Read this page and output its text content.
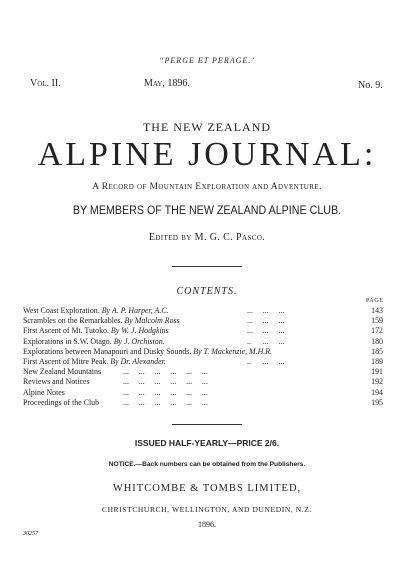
“PERGE ET PERAGE.’
Vol. II.	May, 1896.	No. 9.
THE NEW ZEALAND
ALPINE JOURNAL:
A Record of Mountain Exploration and Adventure.
BY MEMBERS OF THE NEW ZEALAND ALPINE CLUB.
Edited by M. G. C. Pasco.
CONTENTS.
PAGE
West Coast Exploration. By A. P. Harper, A.C.	...     ...     ...	143
Scrambles on the Remarkables. By Malcolm Ross	...     ...     ...	159
First Ascent of Mt. Tutoko. By W. J. Hodgkins	...     ...     ...	172
Explorations in S.W. Otago. By J. Orchiston.	..      ...     ...	180
Explorations between Manapouri and Dusky Sounds. By T. Mackenzie, M.H.R.	185
First Ascent of Mitre Peak. By Dr. Alexander.	..      ...     ...	189
New Zealand Mountains	...     ...     ...     ...     ...     ...	191
Reviews and Notices	...     ...     ...     ...     ...     ...	192
Alpine Notes	...     ...     ...     ...     ...     ...	194
Proceedings of the Club	...     ...     ...     ...     ...     ...	195
ISSUED HALF-YEARLY—PRICE 2/6.
NOTICE.—Back numbers can be obtained from the Publishers.
WHITCOMBE & TOMBS LIMITED,
CHRISTCHURCH, WELLINGTON, AND DUNEDIN, N.Z.
1896.
30257
